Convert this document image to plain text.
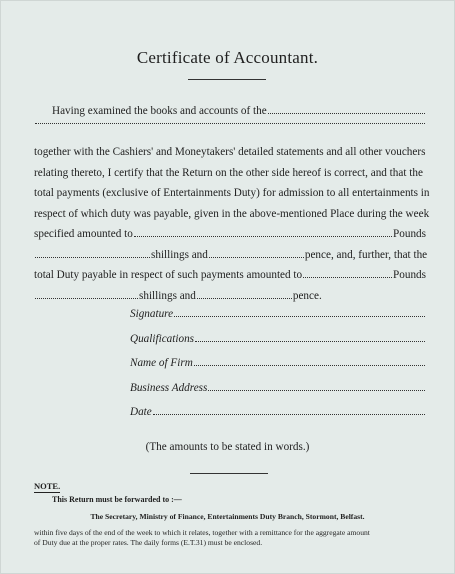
Certificate of Accountant.
Having examined the books and accounts of the
together with the Cashiers' and Moneytakers' detailed statements and all other vouchers
relating thereto, I certify that the Return on the other side hereof is correct, and that the
total payments (exclusive of Entertainments Duty) for admission to all entertainments in
respect of which duty was payable, given in the above-mentioned Place during the week
specified amounted to	Pounds
shillings and	pence, and, further, that the
total Duty payable in respect of such payments amounted to	Pounds
shillings and	pence.
Signature
Qualifications
Name of Firm
Business Address
Date
(The amounts to be stated in words.)
NOTE.
This Return must be forwarded to :—
The Secretary, Ministry of Finance, Entertainments Duty Branch, Stormont, Belfast.
within five days of the end of the week to which it relates, together with a remittance for the aggregate amount
of Duty due at the proper rates. The daily forms (E.T.31) must be enclosed.
